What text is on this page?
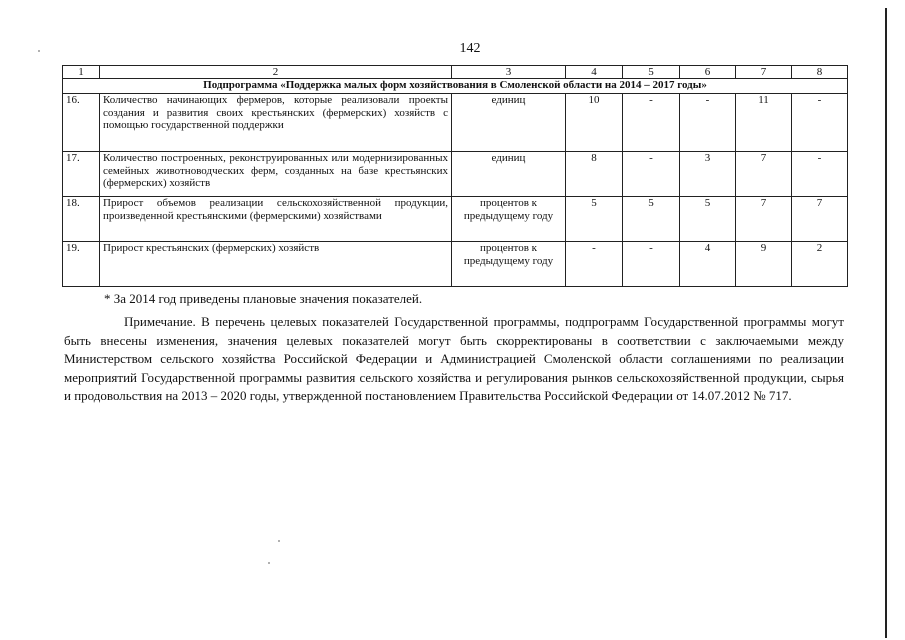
142
1	2	3	4	5	6	7	8
Подпрограмма «Поддержка малых форм хозяйствования в Смоленской области на 2014 – 2017 годы»							
16.	Количество начинающих фермеров, которые реализовали проекты создания и развития своих крестьянских (фермерских) хозяйств с помощью государственной поддержки	единиц	10	-	-	11	-
17.	Количество построенных, реконструированных или модернизированных семейных животноводческих ферм, созданных на базе крестьянских (фермерских) хозяйств	единиц	8	-	3	7	-
18.	Прирост объемов реализации сельскохозяйственной продукции, произведенной крестьянскими (фермерскими) хозяйствами	процентов к предыдущему году	5	5	5	7	7
19.	Прирост крестьянских (фермерских) хозяйств	процентов к предыдущему году	-	-	4	9	2
* За 2014 год приведены плановые значения показателей.

Примечание. В перечень целевых показателей Государственной программы, подпрограмм Государственной программы могут быть внесены изменения, значения целевых показателей могут быть скорректированы в соответствии с заключаемыми между Министерством сельского хозяйства Российской Федерации и Администрацией Смоленской области соглашениями по реализации мероприятий Государственной программы развития сельского хозяйства и регулирования рынков сельскохозяйственной продукции, сырья и продовольствия на 2013 – 2020 годы, утвержденной постановлением Правительства Российской Федерации от 14.07.2012 № 717.
